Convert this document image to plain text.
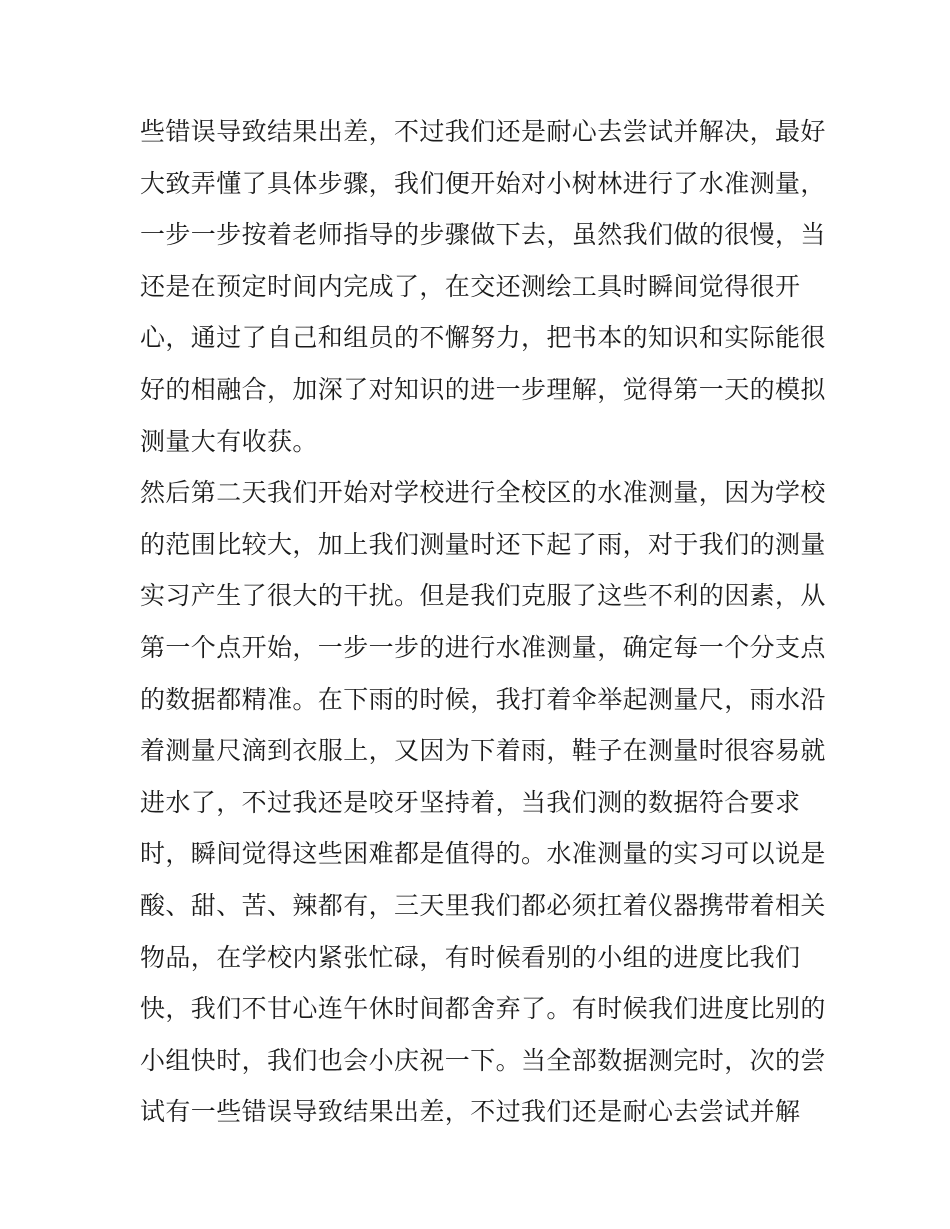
些错误导致结果出差，不过我们还是耐心去尝试并解决，最好
大致弄懂了具体步骤，我们便开始对小树林进行了水准测量，
一步一步按着老师指导的步骤做下去，虽然我们做的很慢，当
还是在预定时间内完成了，在交还测绘工具时瞬间觉得很开
心，通过了自己和组员的不懈努力，把书本的知识和实际能很
好的相融合，加深了对知识的进一步理解，觉得第一天的模拟
测量大有收获。
然后第二天我们开始对学校进行全校区的水准测量，因为学校
的范围比较大，加上我们测量时还下起了雨，对于我们的测量
实习产生了很大的干扰。但是我们克服了这些不利的因素，从
第一个点开始，一步一步的进行水准测量，确定每一个分支点
的数据都精准。在下雨的时候，我打着伞举起测量尺，雨水沿
着测量尺滴到衣服上，又因为下着雨，鞋子在测量时很容易就
进水了，不过我还是咬牙坚持着，当我们测的数据符合要求
时，瞬间觉得这些困难都是值得的。水准测量的实习可以说是
酸、甜、苦、辣都有，三天里我们都必须扛着仪器携带着相关
物品，在学校内紧张忙碌，有时候看别的小组的进度比我们
快，我们不甘心连午休时间都舍弃了。有时候我们进度比别的
小组快时，我们也会小庆祝一下。当全部数据测完时，次的尝
试有一些错误导致结果出差，不过我们还是耐心去尝试并解
